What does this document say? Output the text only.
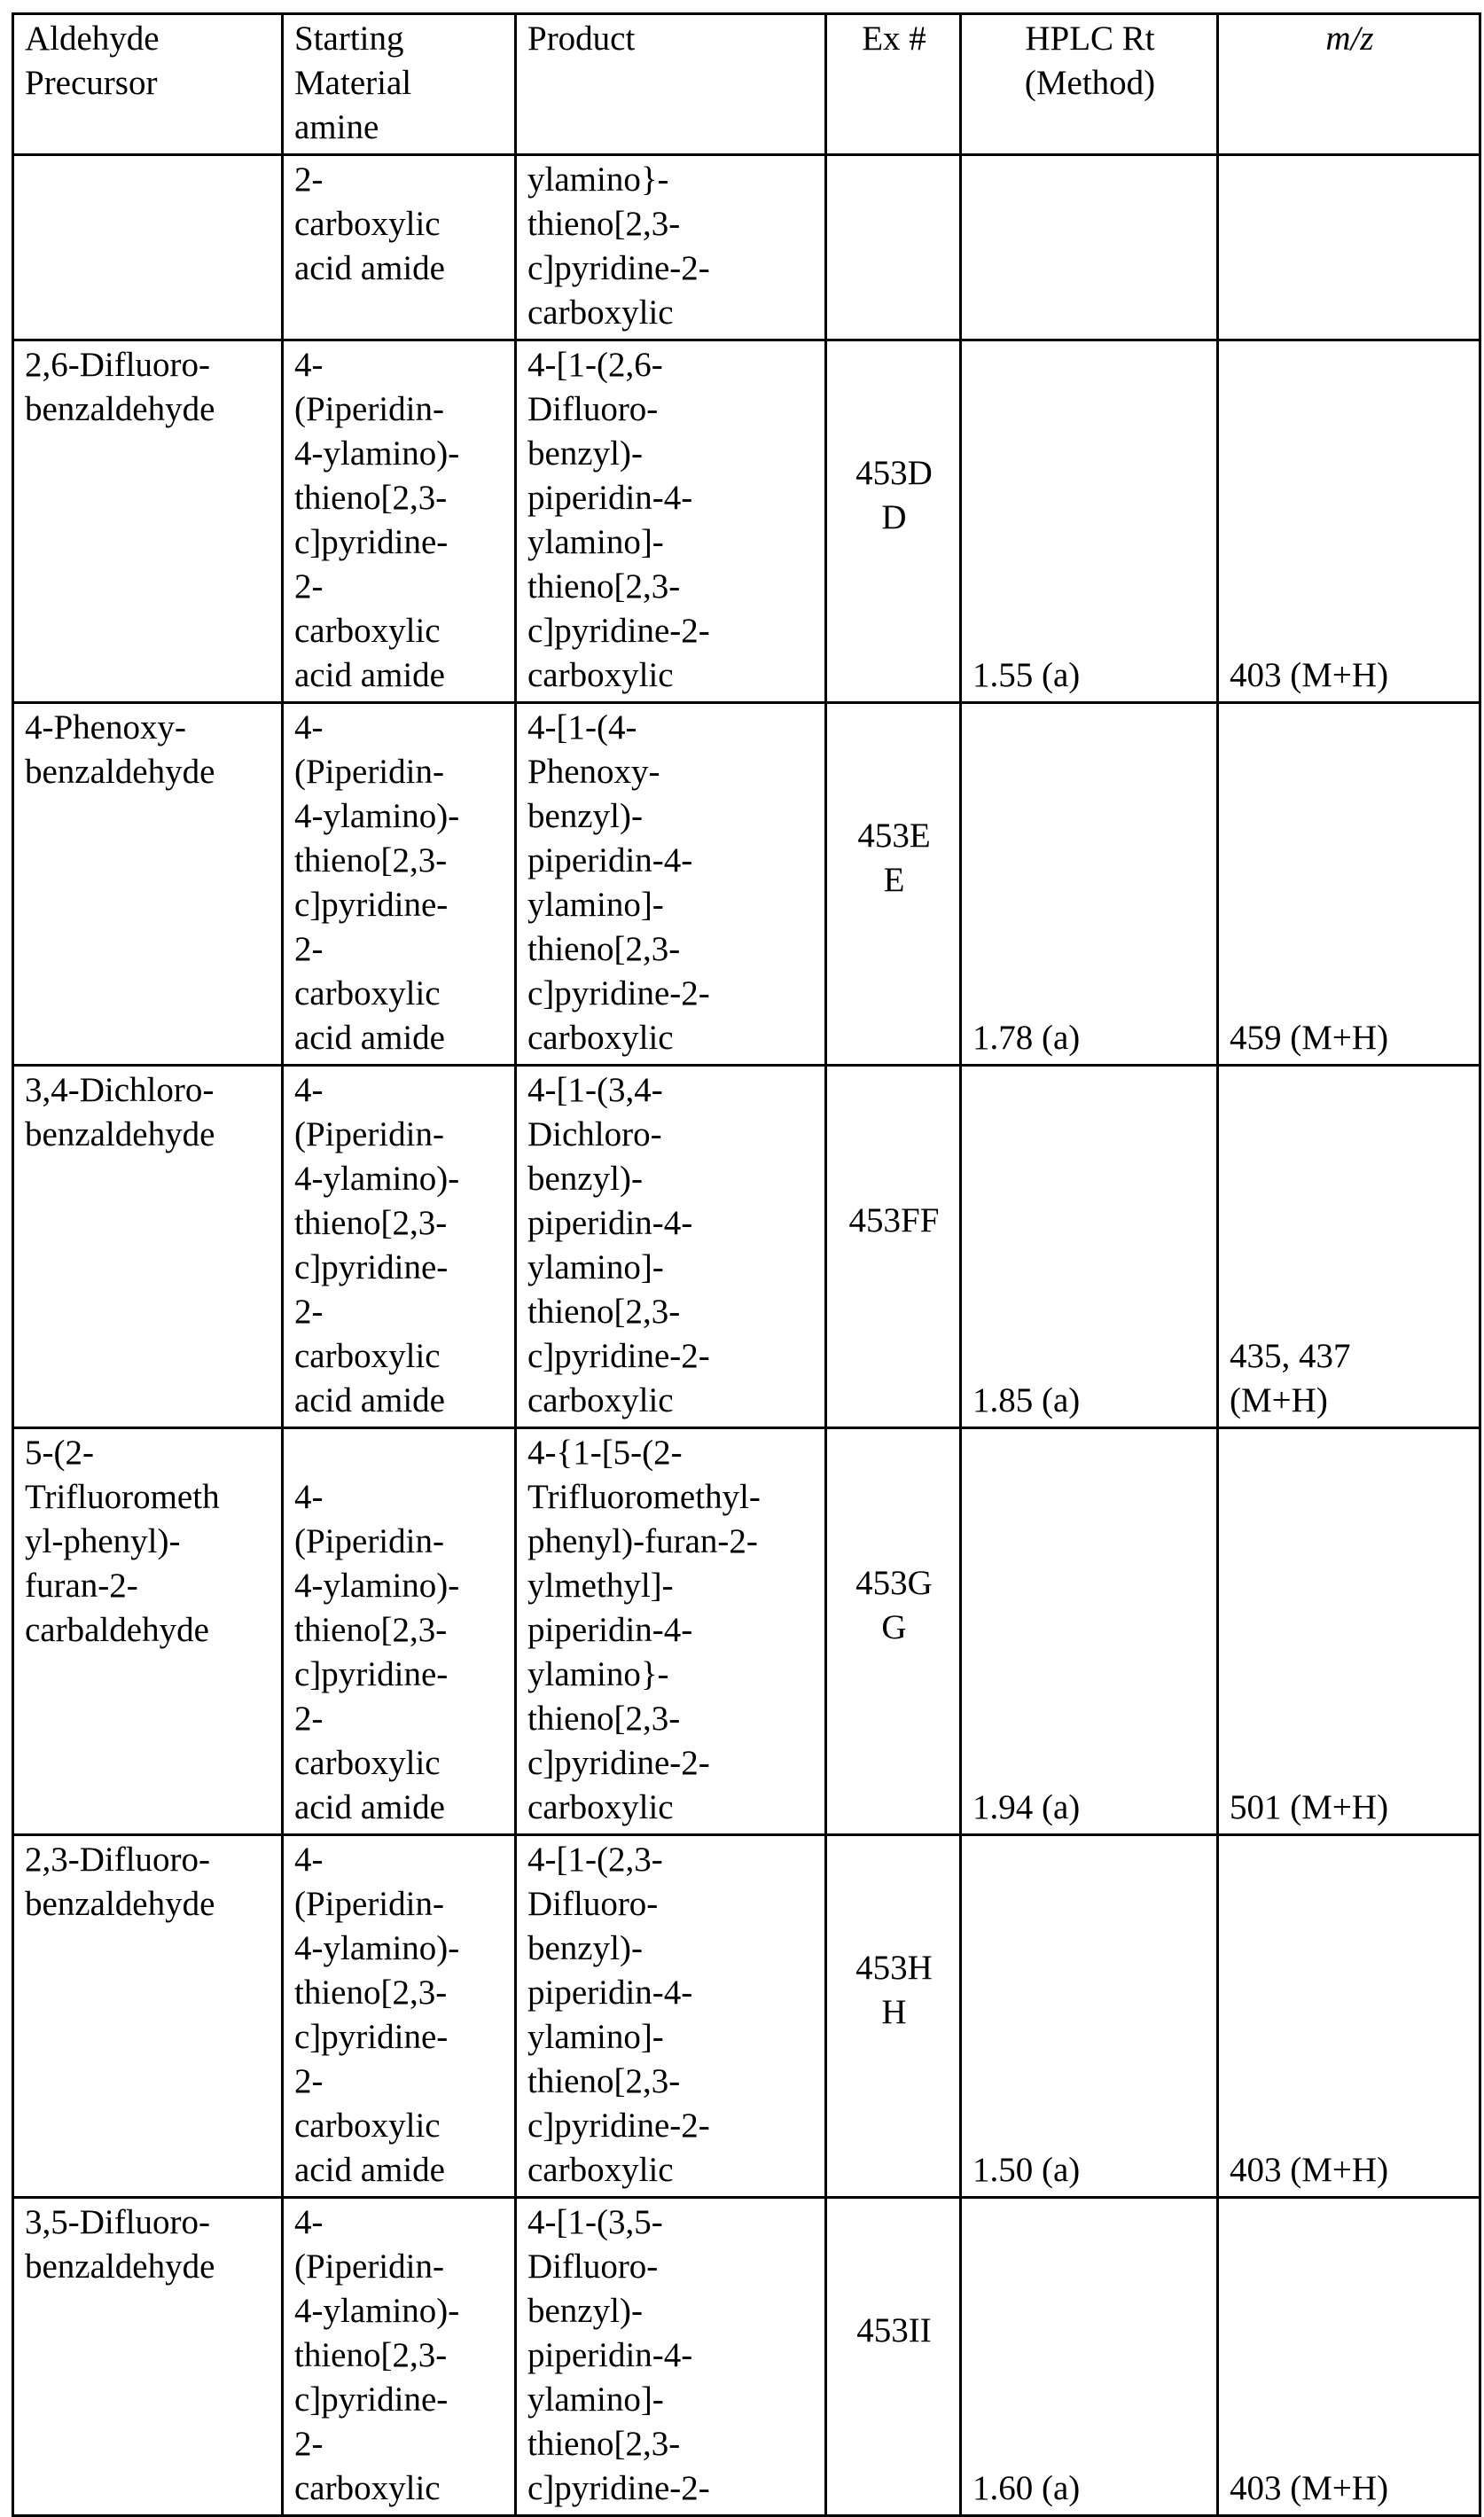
Aldehyde
Precursor	Starting
Material
amine	Product	Ex #	HPLC Rt
(Method)	m/z
	2-
carboxylic
acid amide	ylamino}-
thieno[2,3-
c]pyridine-2-
carboxylic			
2,6-Difluoro-
benzaldehyde	4-
(Piperidin-
4-ylamino)-
thieno[2,3-
c]pyridine-
2-
carboxylic
acid amide	4-[1-(2,6-
Difluoro-
benzyl)-
piperidin-4-
ylamino]-
thieno[2,3-
c]pyridine-2-
carboxylic	453D
D	1.55 (a)	403 (M+H)
4-Phenoxy-
benzaldehyde	4-
(Piperidin-
4-ylamino)-
thieno[2,3-
c]pyridine-
2-
carboxylic
acid amide	4-[1-(4-
Phenoxy-
benzyl)-
piperidin-4-
ylamino]-
thieno[2,3-
c]pyridine-2-
carboxylic	453E
E	1.78 (a)	459 (M+H)
3,4-Dichloro-
benzaldehyde	4-
(Piperidin-
4-ylamino)-
thieno[2,3-
c]pyridine-
2-
carboxylic
acid amide	4-[1-(3,4-
Dichloro-
benzyl)-
piperidin-4-
ylamino]-
thieno[2,3-
c]pyridine-2-
carboxylic	453FF	1.85 (a)	435, 437
(M+H)
5-(2-
Trifluorometh
yl-phenyl)-
furan-2-
carbaldehyde	
4-
(Piperidin-
4-ylamino)-
thieno[2,3-
c]pyridine-
2-
carboxylic
acid amide	4-{1-[5-(2-
Trifluoromethyl-
phenyl)-furan-2-
ylmethyl]-
piperidin-4-
ylamino}-
thieno[2,3-
c]pyridine-2-
carboxylic	453G
G	1.94 (a)	501 (M+H)
2,3-Difluoro-
benzaldehyde	4-
(Piperidin-
4-ylamino)-
thieno[2,3-
c]pyridine-
2-
carboxylic
acid amide	4-[1-(2,3-
Difluoro-
benzyl)-
piperidin-4-
ylamino]-
thieno[2,3-
c]pyridine-2-
carboxylic	453H
H	1.50 (a)	403 (M+H)
3,5-Difluoro-
benzaldehyde	4-
(Piperidin-
4-ylamino)-
thieno[2,3-
c]pyridine-
2-
carboxylic	4-[1-(3,5-
Difluoro-
benzyl)-
piperidin-4-
ylamino]-
thieno[2,3-
c]pyridine-2-	453II	1.60 (a)	403 (M+H)
